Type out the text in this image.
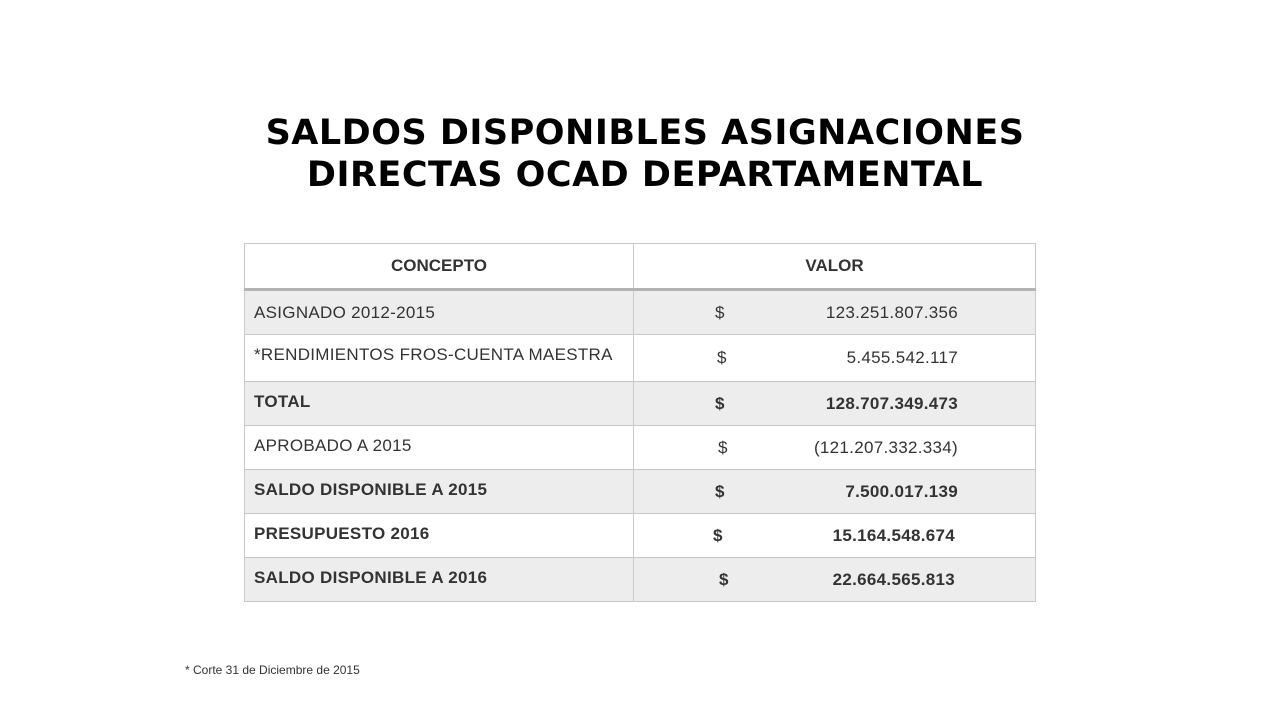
SALDOS DISPONIBLES ASIGNACIONES
DIRECTAS OCAD DEPARTAMENTAL
CONCEPTO	VALOR
ASIGNADO 2012-2015	$ 123.251.807.356

*RENDIMIENTOS FROS-CUENTA MAESTRA	$ 5.455.542.117

TOTAL	$ 128.707.349.473

APROBADO A 2015	$ (121.207.332.334)

SALDO DISPONIBLE A 2015	$ 7.500.017.139

PRESUPUESTO 2016	$ 15.164.548.674

SALDO DISPONIBLE A 2016	$ 22.664.565.813
* Corte 31 de Diciembre de 2015
